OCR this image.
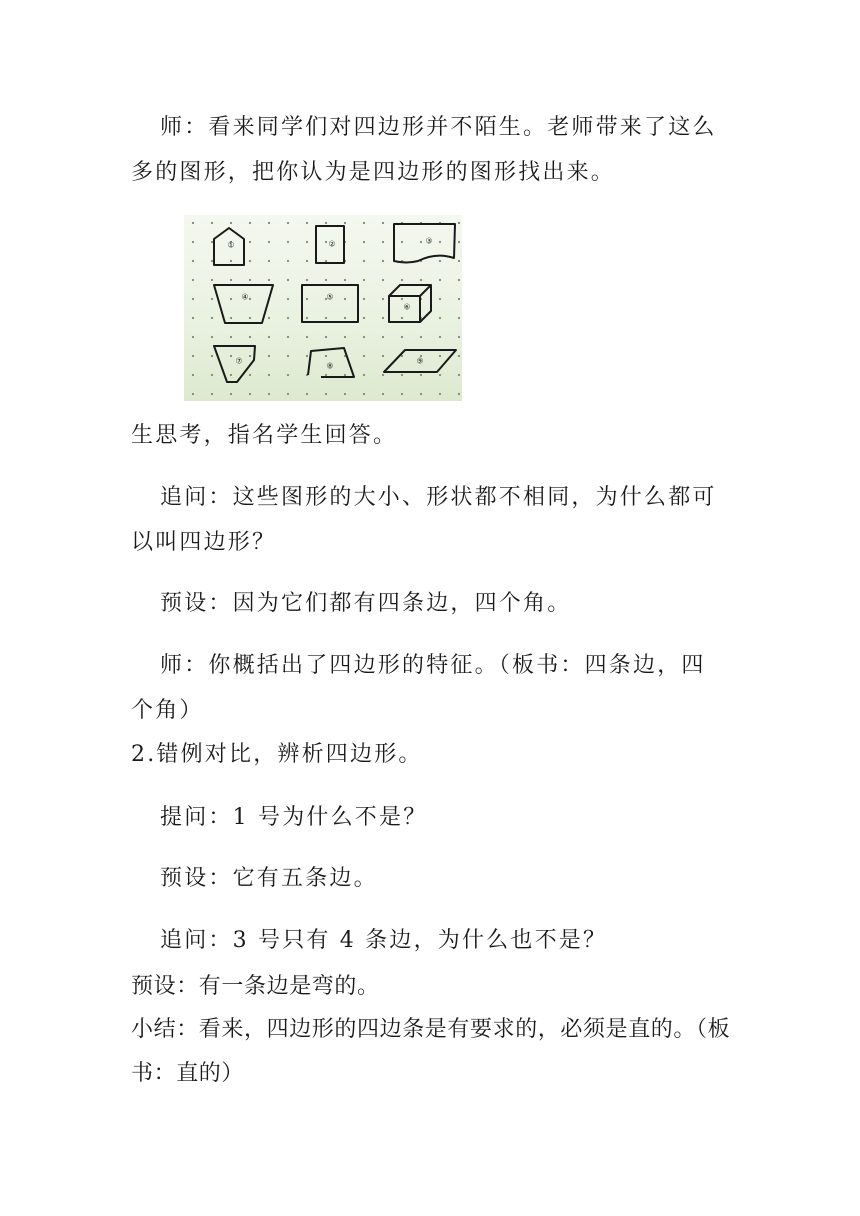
师：看来同学们对四边形并不陌生。老师带来了这么
多的图形，把你认为是四边形的图形找出来。
①	②	③
④	⑤
⑥
⑦
⑧
⑨
生思考，指名学生回答。
追问：这些图形的大小、形状都不相同，为什么都可
以叫四边形？
预设：因为它们都有四条边，四个角。
师：你概括出了四边形的特征。（板书：四条边，四
个角）
2.错例对比，辨析四边形。
提问：1 号为什么不是？
预设：它有五条边。
追问：3 号只有 4 条边，为什么也不是？
预设：有一条边是弯的。
小结：看来，四边形的四边条是有要求的，必须是直的。（板
书：直的）
